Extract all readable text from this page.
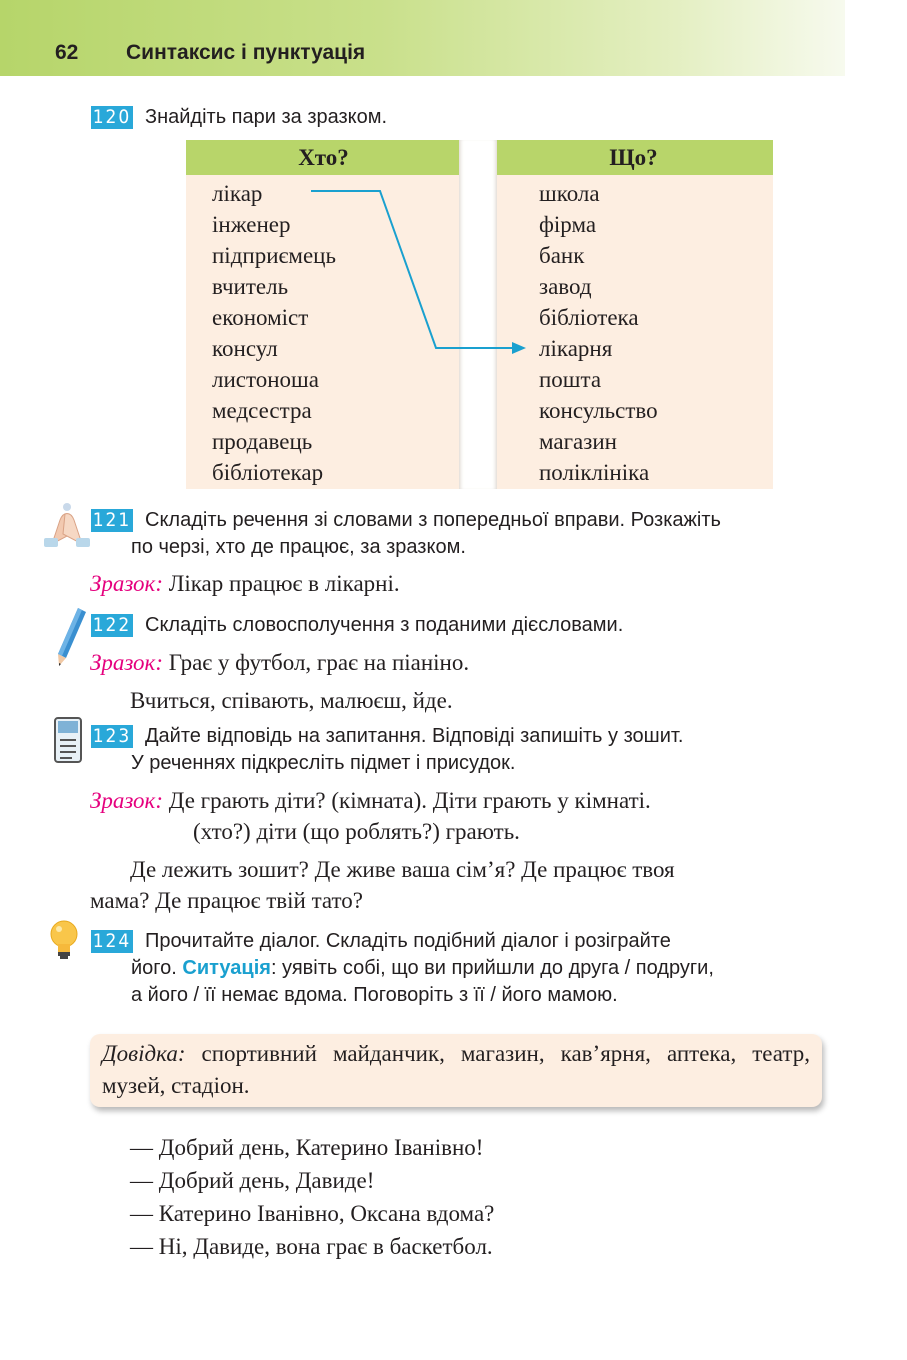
62 Синтаксис і пунктуація
120 Знайдіть пари за зразком.
Хто?
лікар
інженер
підприємець
вчитель
економіст
консул
листоноша
медсестра
продавець
бібліотекар
Що?
школа
фірма
банк
завод
бібліотека
лікарня
пошта
консульство
магазин
поліклініка
121 Складіть речення зі словами з попередньої вправи. Розкажіть
по черзі, хто де працює, за зразком.
Зразок: Лікар працює в лікарні.
122 Складіть словосполучення з поданими дієсловами.
Зразок: Грає у футбол, грає на піаніно.
Вчиться, співають, малюєш, йде.
123 Дайте відповідь на запитання. Відповіді запишіть у зошит.
У реченнях підкресліть підмет і присудок.
Зразок: Де грають діти? (кімната). Діти грають у кімнаті.
(хто?) діти (що роблять?) грають.
Де лежить зошит? Де живе ваша сім’я? Де працює твоя
мама? Де працює твій тато?
124 Прочитайте діалог. Складіть подібний діалог і розіграйте
його. Ситуація: уявіть собі, що ви прийшли до друга / подруги,
а його / її немає вдома. Поговоріть з її / його мамою.
Довідка: спортивний майданчик, магазин, кав’ярня, аптека, театр, музей, стадіон.
— Добрий день, Катерино Іванівно!
— Добрий день, Давиде!
— Катерино Іванівно, Оксана вдома?
— Ні, Давиде, вона грає в баскетбол.
